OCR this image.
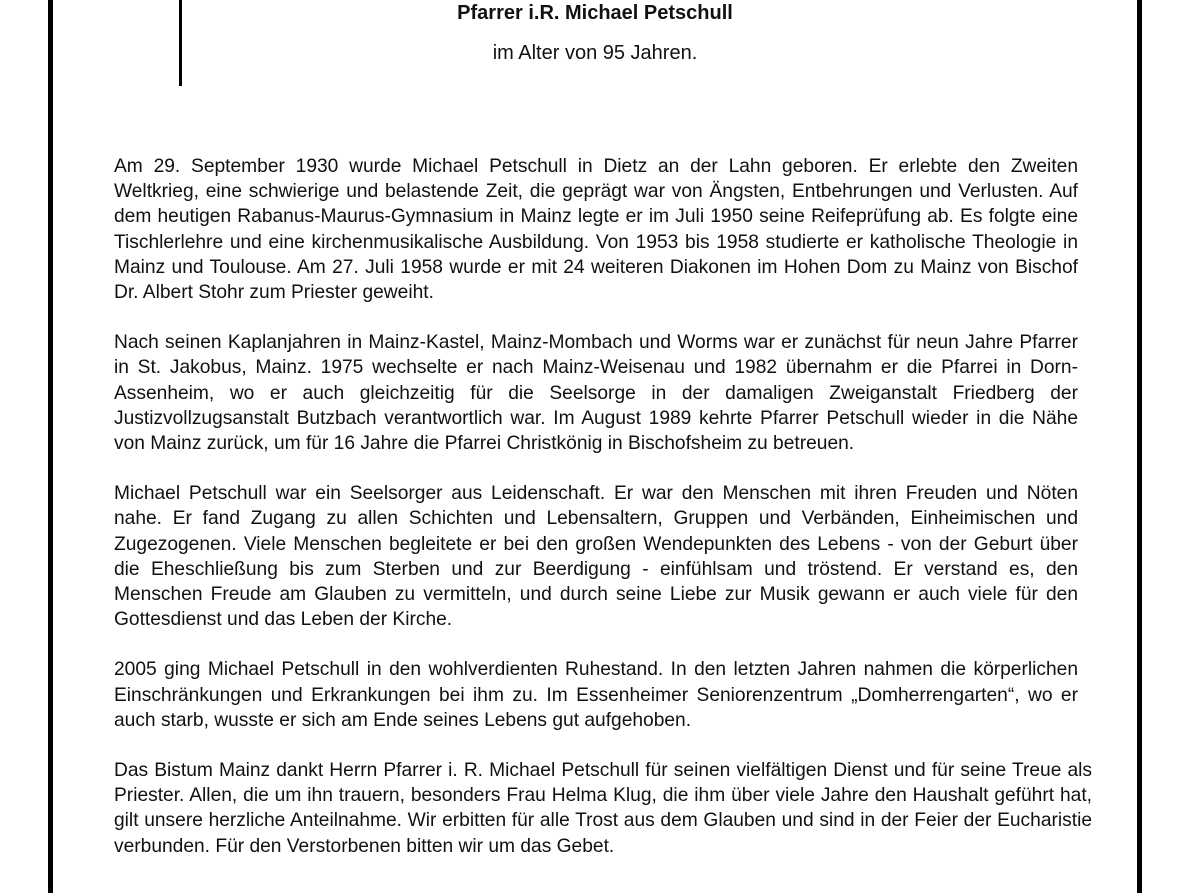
Pfarrer i.R. Michael Petschull
im Alter von 95 Jahren.

Am 29. September 1930 wurde Michael Petschull in Dietz an der Lahn geboren. Er erlebte den Zweiten Weltkrieg, eine schwierige und belastende Zeit, die geprägt war von Ängsten, Entbehrungen und Verlusten. Auf dem heutigen Rabanus-Maurus-Gymnasium in Mainz legte er im Juli 1950 seine Reifeprüfung ab. Es folgte eine Tischlerlehre und eine kirchenmusikalische Ausbildung. Von 1953 bis 1958 studierte er katholische Theologie in Mainz und Toulouse. Am 27. Juli 1958 wurde er mit 24 weiteren Diakonen im Hohen Dom zu Mainz von Bischof Dr. Albert Stohr zum Priester geweiht.

Nach seinen Kaplanjahren in Mainz-Kastel, Mainz-Mombach und Worms war er zunächst für neun Jahre Pfarrer in St. Jakobus, Mainz. 1975 wechselte er nach Mainz-Weisenau und 1982 übernahm er die Pfarrei in Dorn-Assenheim, wo er auch gleichzeitig für die Seelsorge in der damaligen Zweiganstalt Friedberg der Justizvollzugsanstalt Butzbach verantwortlich war. Im August 1989 kehrte Pfarrer Petschull wieder in die Nähe von Mainz zurück, um für 16 Jahre die Pfarrei Christkönig in Bischofsheim zu betreuen.

Michael Petschull war ein Seelsorger aus Leidenschaft. Er war den Menschen mit ihren Freuden und Nöten nahe. Er fand Zugang zu allen Schichten und Lebensaltern, Gruppen und Verbänden, Einheimischen und Zugezogenen. Viele Menschen begleitete er bei den großen Wendepunkten des Lebens - von der Geburt über die Eheschließung bis zum Sterben und zur Beerdigung - einfühlsam und tröstend. Er verstand es, den Menschen Freude am Glauben zu vermitteln, und durch seine Liebe zur Musik gewann er auch viele für den Gottesdienst und das Leben der Kirche.

2005 ging Michael Petschull in den wohlverdienten Ruhestand. In den letzten Jahren nahmen die körperlichen Einschränkungen und Erkrankungen bei ihm zu. Im Essenheimer Seniorenzentrum „Domherrengarten“, wo er auch starb, wusste er sich am Ende seines Lebens gut aufgehoben.

Das Bistum Mainz dankt Herrn Pfarrer i. R. Michael Petschull für seinen vielfältigen Dienst und für seine Treue als Priester. Allen, die um ihn trauern, besonders Frau Helma Klug, die ihm über viele Jahre den Haushalt geführt hat, gilt unsere herzliche Anteilnahme. Wir erbitten für alle Trost aus dem Glauben und sind in der Feier der Eucharistie verbunden. Für den Verstorbenen bitten wir um das Gebet.
